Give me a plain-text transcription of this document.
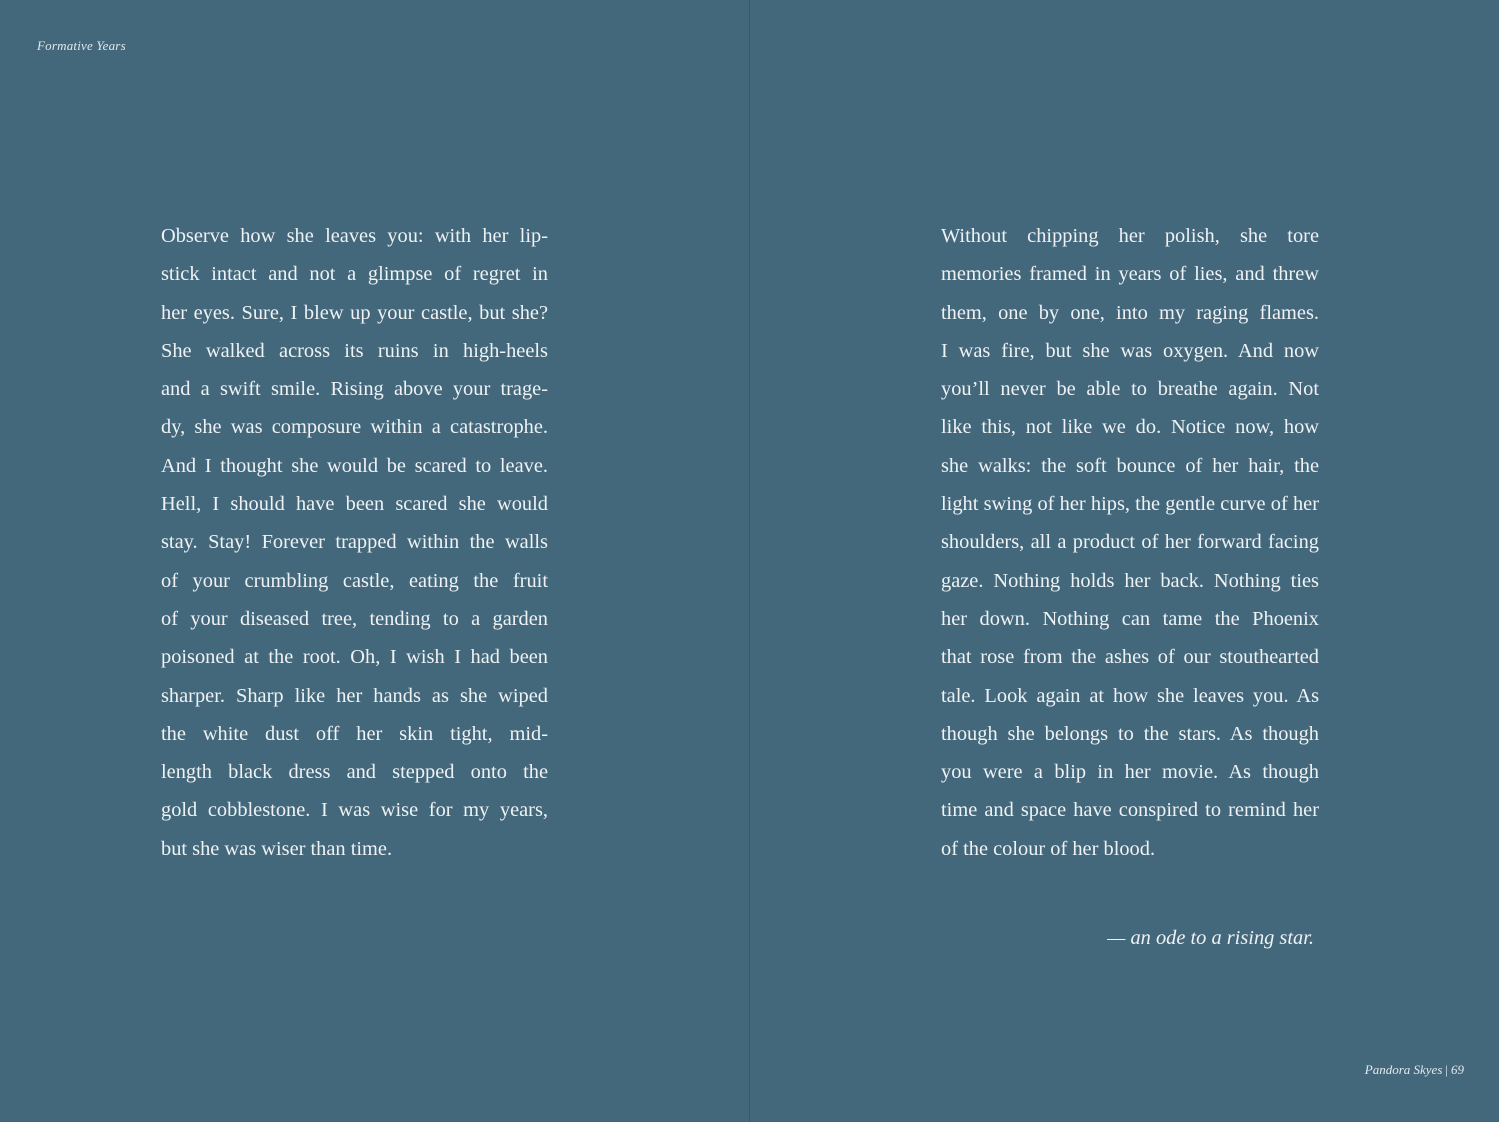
Formative Years

Observe how she leaves you: with her lip-
stick intact and not a glimpse of regret in
her eyes. Sure, I blew up your castle, but she?
She walked across its ruins in high-heels
and a swift smile. Rising above your trage-
dy, she was composure within a catastrophe.
And I thought she would be scared to leave.
Hell, I should have been scared she would
stay. Stay! Forever trapped within the walls
of your crumbling castle, eating the fruit
of your diseased tree, tending to a garden
poisoned at the root. Oh, I wish I had been
sharper. Sharp like her hands as she wiped
the white dust off her skin tight, mid-
length black dress and stepped onto the
gold cobblestone. I was wise for my years,
but she was wiser than time.

Without chipping her polish, she tore
memories framed in years of lies, and threw
them, one by one, into my raging flames.
I was fire, but she was oxygen. And now
you’ll never be able to breathe again. Not
like this, not like we do. Notice now, how
she walks: the soft bounce of her hair, the
light swing of her hips, the gentle curve of her
shoulders, all a product of her forward facing
gaze. Nothing holds her back. Nothing ties
her down. Nothing can tame the Phoenix
that rose from the ashes of our stouthearted
tale. Look again at how she leaves you. As
though she belongs to the stars. As though
you were a blip in her movie. As though
time and space have conspired to remind her
of the colour of her blood.

— an ode to a rising star.
Pandora Skyes | 69
